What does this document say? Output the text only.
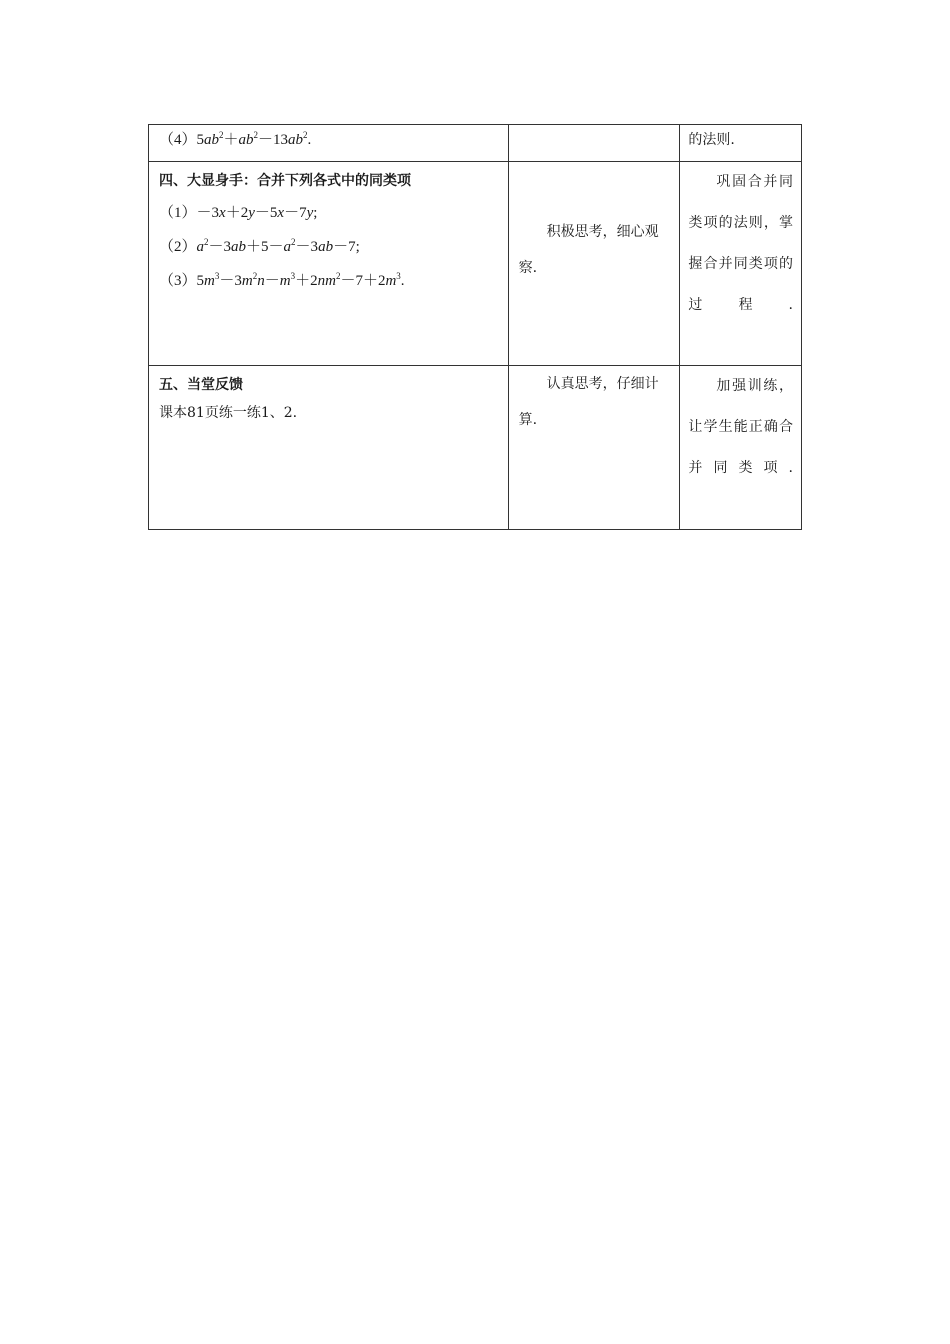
$(4)5ab^2+ab^2-13ab^2$.		的法则.

四、大显身手：合并下列各式中的同类项
（1）－3x＋2y－5x－7y;
$(2)a^2-3ab+5-a^2-3ab-7$;
$(3)5m^3-3m^2n-m^3+2nm^2-7+2m^3$.	积极思考，细心观察.	巩固合并同类项的法则，掌握合并同类项的过程.

五、当堂反馈
课本81页练一练1、2.	认真思考，仔细计算.	加强训练，让学生能正确合并同类项.
